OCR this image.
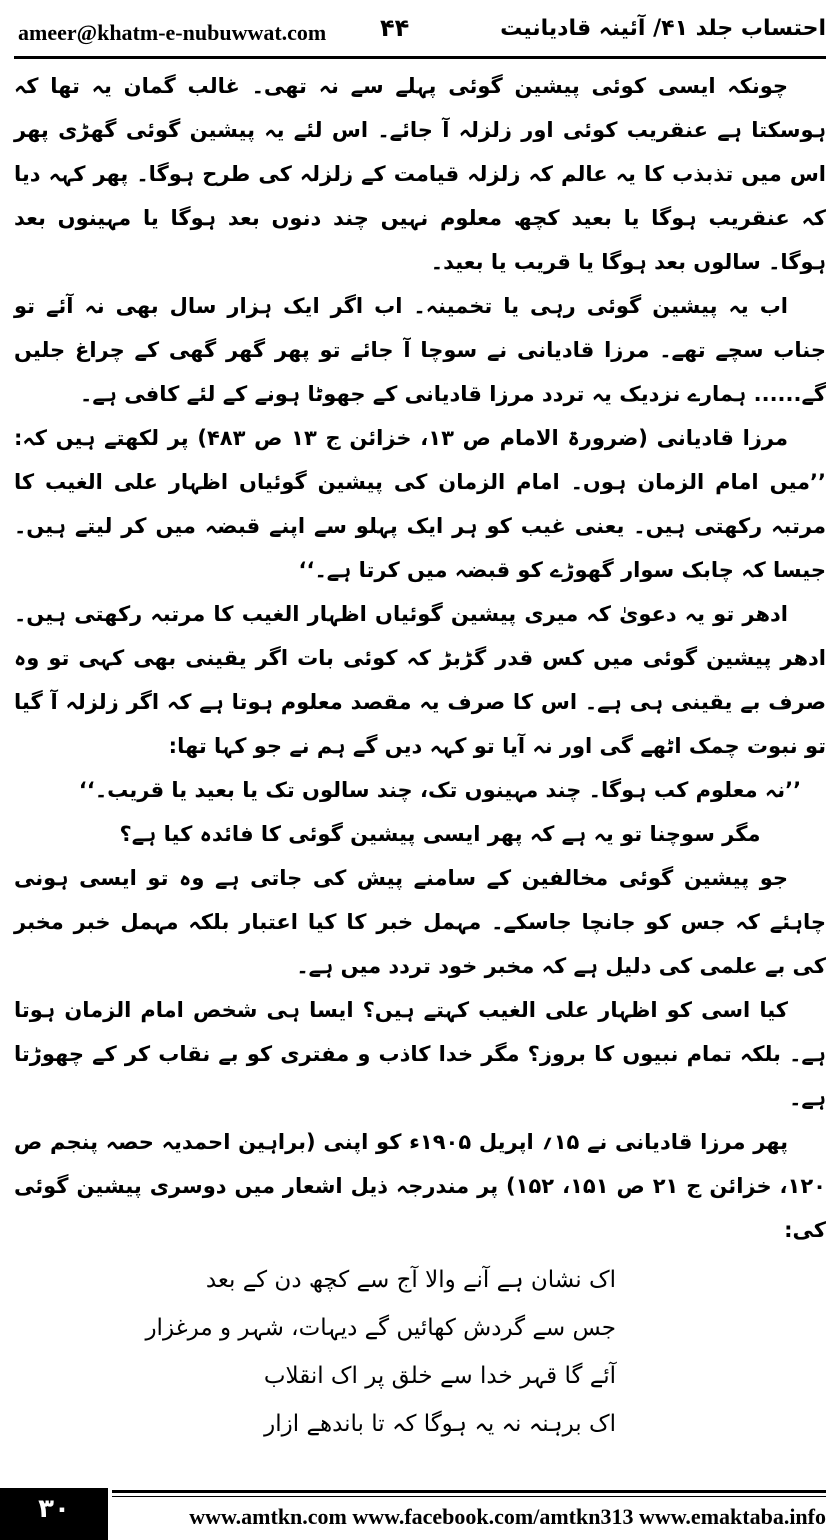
ameer@khatm-e-nubuwwat.com ۴۴	احتساب جلد ۴۱/ آئینہ قادیانیت

چونکہ ایسی کوئی پیشین گوئی پہلے سے نہ تھی۔ غالب گمان یہ تھا کہ ہوسکتا ہے عنقریب کوئی اور زلزلہ آ جائے۔ اس لئے یہ پیشین گوئی گھڑی پھر اس میں تذبذب کا یہ عالم کہ زلزلہ قیامت کے زلزلہ کی طرح ہوگا۔ پھر کہہ دیا کہ عنقریب ہوگا یا بعید کچھ معلوم نہیں چند دنوں بعد ہوگا یا مہینوں بعد ہوگا۔ سالوں بعد ہوگا یا قریب یا بعید۔

اب یہ پیشین گوئی رہی یا تخمینہ۔ اب اگر ایک ہزار سال بھی نہ آئے تو جناب سچے تھے۔ مرزا قادیانی نے سوچا آ جائے تو پھر گھر گھی کے چراغ جلیں گے...... ہمارے نزدیک یہ تردد مرزا قادیانی کے جھوٹا ہونے کے لئے کافی ہے۔

مرزا قادیانی (ضرورۃ الامام ص ۱۳، خزائن ج ۱۳ ص ۴۸۳) پر لکھتے ہیں کہ: ’’میں امام الزمان ہوں۔ امام الزمان کی پیشین گوئیاں اظہار علی الغیب کا مرتبہ رکھتی ہیں۔ یعنی غیب کو ہر ایک پہلو سے اپنے قبضہ میں کر لیتے ہیں۔ جیسا کہ چابک سوار گھوڑے کو قبضہ میں کرتا ہے۔‘‘

ادھر تو یہ دعویٰ کہ میری پیشین گوئیاں اظہار الغیب کا مرتبہ رکھتی ہیں۔ ادھر پیشین گوئی میں کس قدر گڑبڑ کہ کوئی بات اگر یقینی بھی کہی تو وہ صرف بے یقینی ہی ہے۔ اس کا صرف یہ مقصد معلوم ہوتا ہے کہ اگر زلزلہ آ گیا تو نبوت چمک اٹھے گی اور نہ آیا تو کہہ دیں گے ہم نے جو کہا تھا:

’’نہ معلوم کب ہوگا۔ چند مہینوں تک، چند سالوں تک یا بعید یا قریب۔‘‘

مگر سوچنا تو یہ ہے کہ پھر ایسی پیشین گوئی کا فائدہ کیا ہے؟

جو پیشین گوئی مخالفین کے سامنے پیش کی جاتی ہے وہ تو ایسی ہونی چاہئے کہ جس کو جانچا جاسکے۔ مہمل خبر کا کیا اعتبار بلکہ مہمل خبر مخبر کی بے علمی کی دلیل ہے کہ مخبر خود تردد میں ہے۔

کیا اسی کو اظہار علی الغیب کہتے ہیں؟ ایسا ہی شخص امام الزمان ہوتا ہے۔ بلکہ تمام نبیوں کا بروز؟ مگر خدا کاذب و مفتری کو بے نقاب کر کے چھوڑتا ہے۔

پھر مرزا قادیانی نے ۱۵؍ اپریل ۱۹۰۵ء کو اپنی (براہین احمدیہ حصہ پنجم ص ۱۲۰، خزائن ج ۲۱ ص ۱۵۱، ۱۵۲) پر مندرجہ ذیل اشعار میں دوسری پیشین گوئی کی:

اک نشان ہے آنے والا آج سے کچھ دن کے بعد
جس سے گردش کھائیں گے دیہات، شہر و مرغزار
آئے گا قہر خدا سے خلق پر اک انقلاب
اک برہنہ نہ یہ ہوگا کہ تا باندھے ازار
۳۰	www.amtkn.com www.facebook.com/amtkn313 www.emaktaba.info
